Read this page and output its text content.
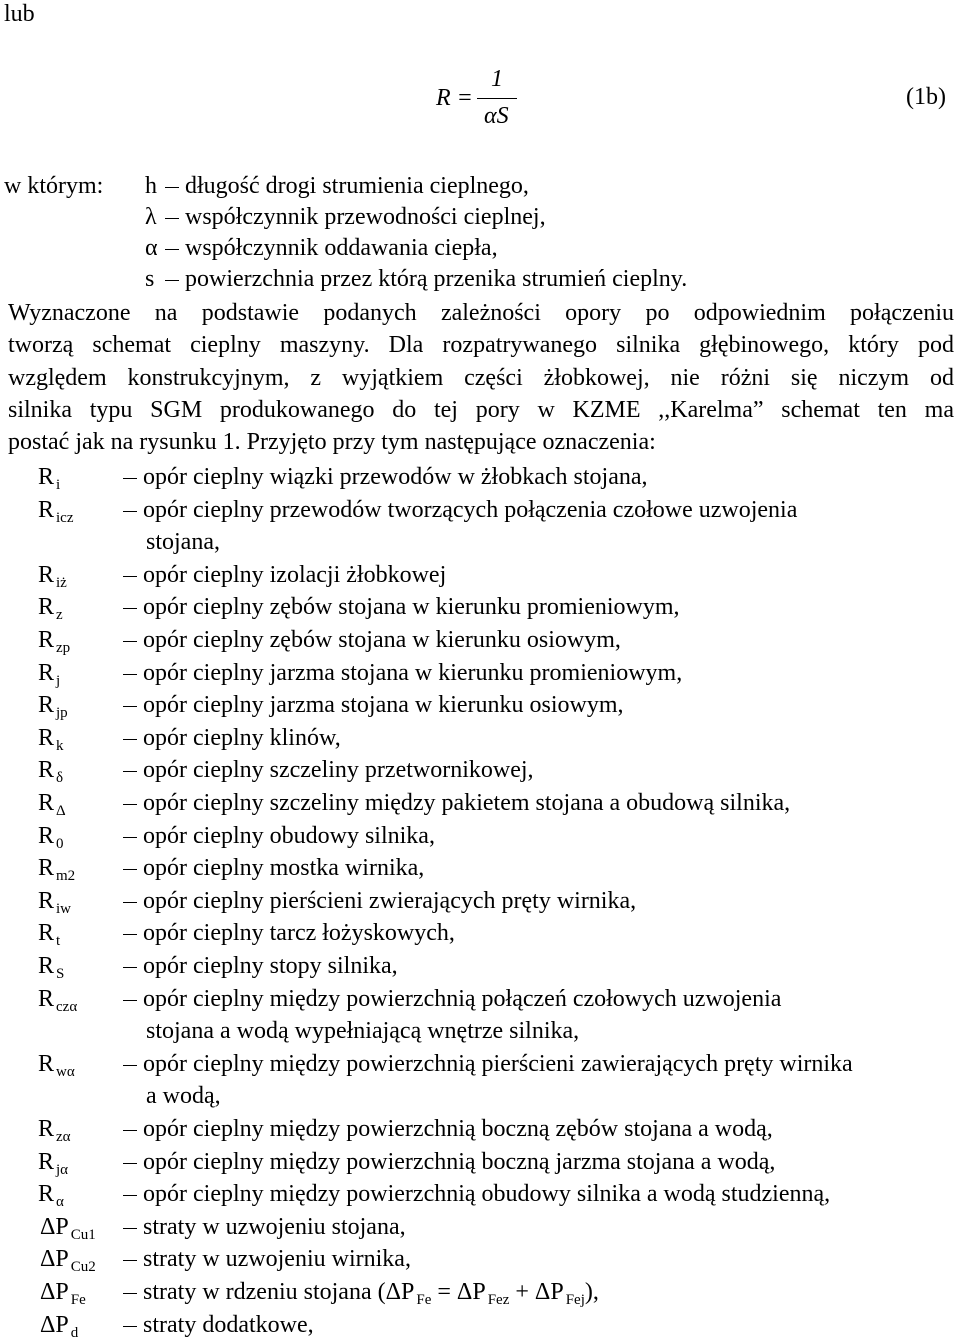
lub
R =
1
αS
(1b)
w którym: h	długość drogi strumienia cieplnego,
λ	współczynnik przewodności cieplnej,
α	współczynnik oddawania ciepła,
s	powierzchnia przez którą przenika strumień cieplny.
Wyznaczone na podstawie podanych zależności opory po odpowiednim połączeniu
tworzą schemat cieplny maszyny. Dla rozpatrywanego silnika głębinowego, który pod
względem konstrukcyjnym, z wyjątkiem części żłobkowej, nie różni się niczym od
silnika typu SGM produkowanego do tej pory w KZME ,,Karelma” schemat ten ma
postać jak na rysunku 1. Przyjęto przy tym następujące oznaczenia:
R $_i$	opór cieplny wiązki przewodów w żłobkach stojana,
R $_{icz}$	opór cieplny przewodów tworzących połączenia czołowe uzwojenia
stojana,
R $_{iż}$	opór cieplny izolacji żłobkowej
R $_z$	opór cieplny zębów stojana w kierunku promieniowym,
R $_{zp}$	opór cieplny zębów stojana w kierunku osiowym,
R $_j$	opór cieplny jarzma stojana w kierunku promieniowym,
R $_{jp}$	opór cieplny jarzma stojana w kierunku osiowym,
R $_k$	opór cieplny klinów,
R $_\delta$	opór cieplny szczeliny przetwornikowej,
R $_\Delta$	opór cieplny szczeliny między pakietem stojana a obudową silnika,
R $_0$	opór cieplny obudowy silnika,
R $_{m2}$	opór cieplny mostka wirnika,
R $_{iw}$	opór cieplny pierścieni zwierających pręty wirnika,
R $_t$	opór cieplny tarcz łożyskowych,
R $_S$	opór cieplny stopy silnika,
R $_{cz\alpha}$	opór cieplny między powierzchnią połączeń czołowych uzwojenia
stojana a wodą wypełniającą wnętrze silnika,
R $_{w\alpha}$	opór cieplny między powierzchnią pierścieni zawierających pręty wirnika
a wodą,
R $_{z\alpha}$	opór cieplny między powierzchnią boczną zębów stojana a wodą,
R $_{j\alpha}$	opór cieplny między powierzchnią boczną jarzma stojana a wodą,
R $_\alpha$	opór cieplny między powierzchnią obudowy silnika a wodą studzienną,
ΔP $_{Cu1}$	straty w uzwojeniu stojana,
ΔP $_{Cu2}$	straty w uzwojeniu wirnika,
ΔP $_{Fe}$	straty w rdzeniu stojana (ΔP $_{Fe}$ = ΔP $_{Fez}$ + ΔP $_{Fej}$),
ΔP $_d$	straty dodatkowe,
